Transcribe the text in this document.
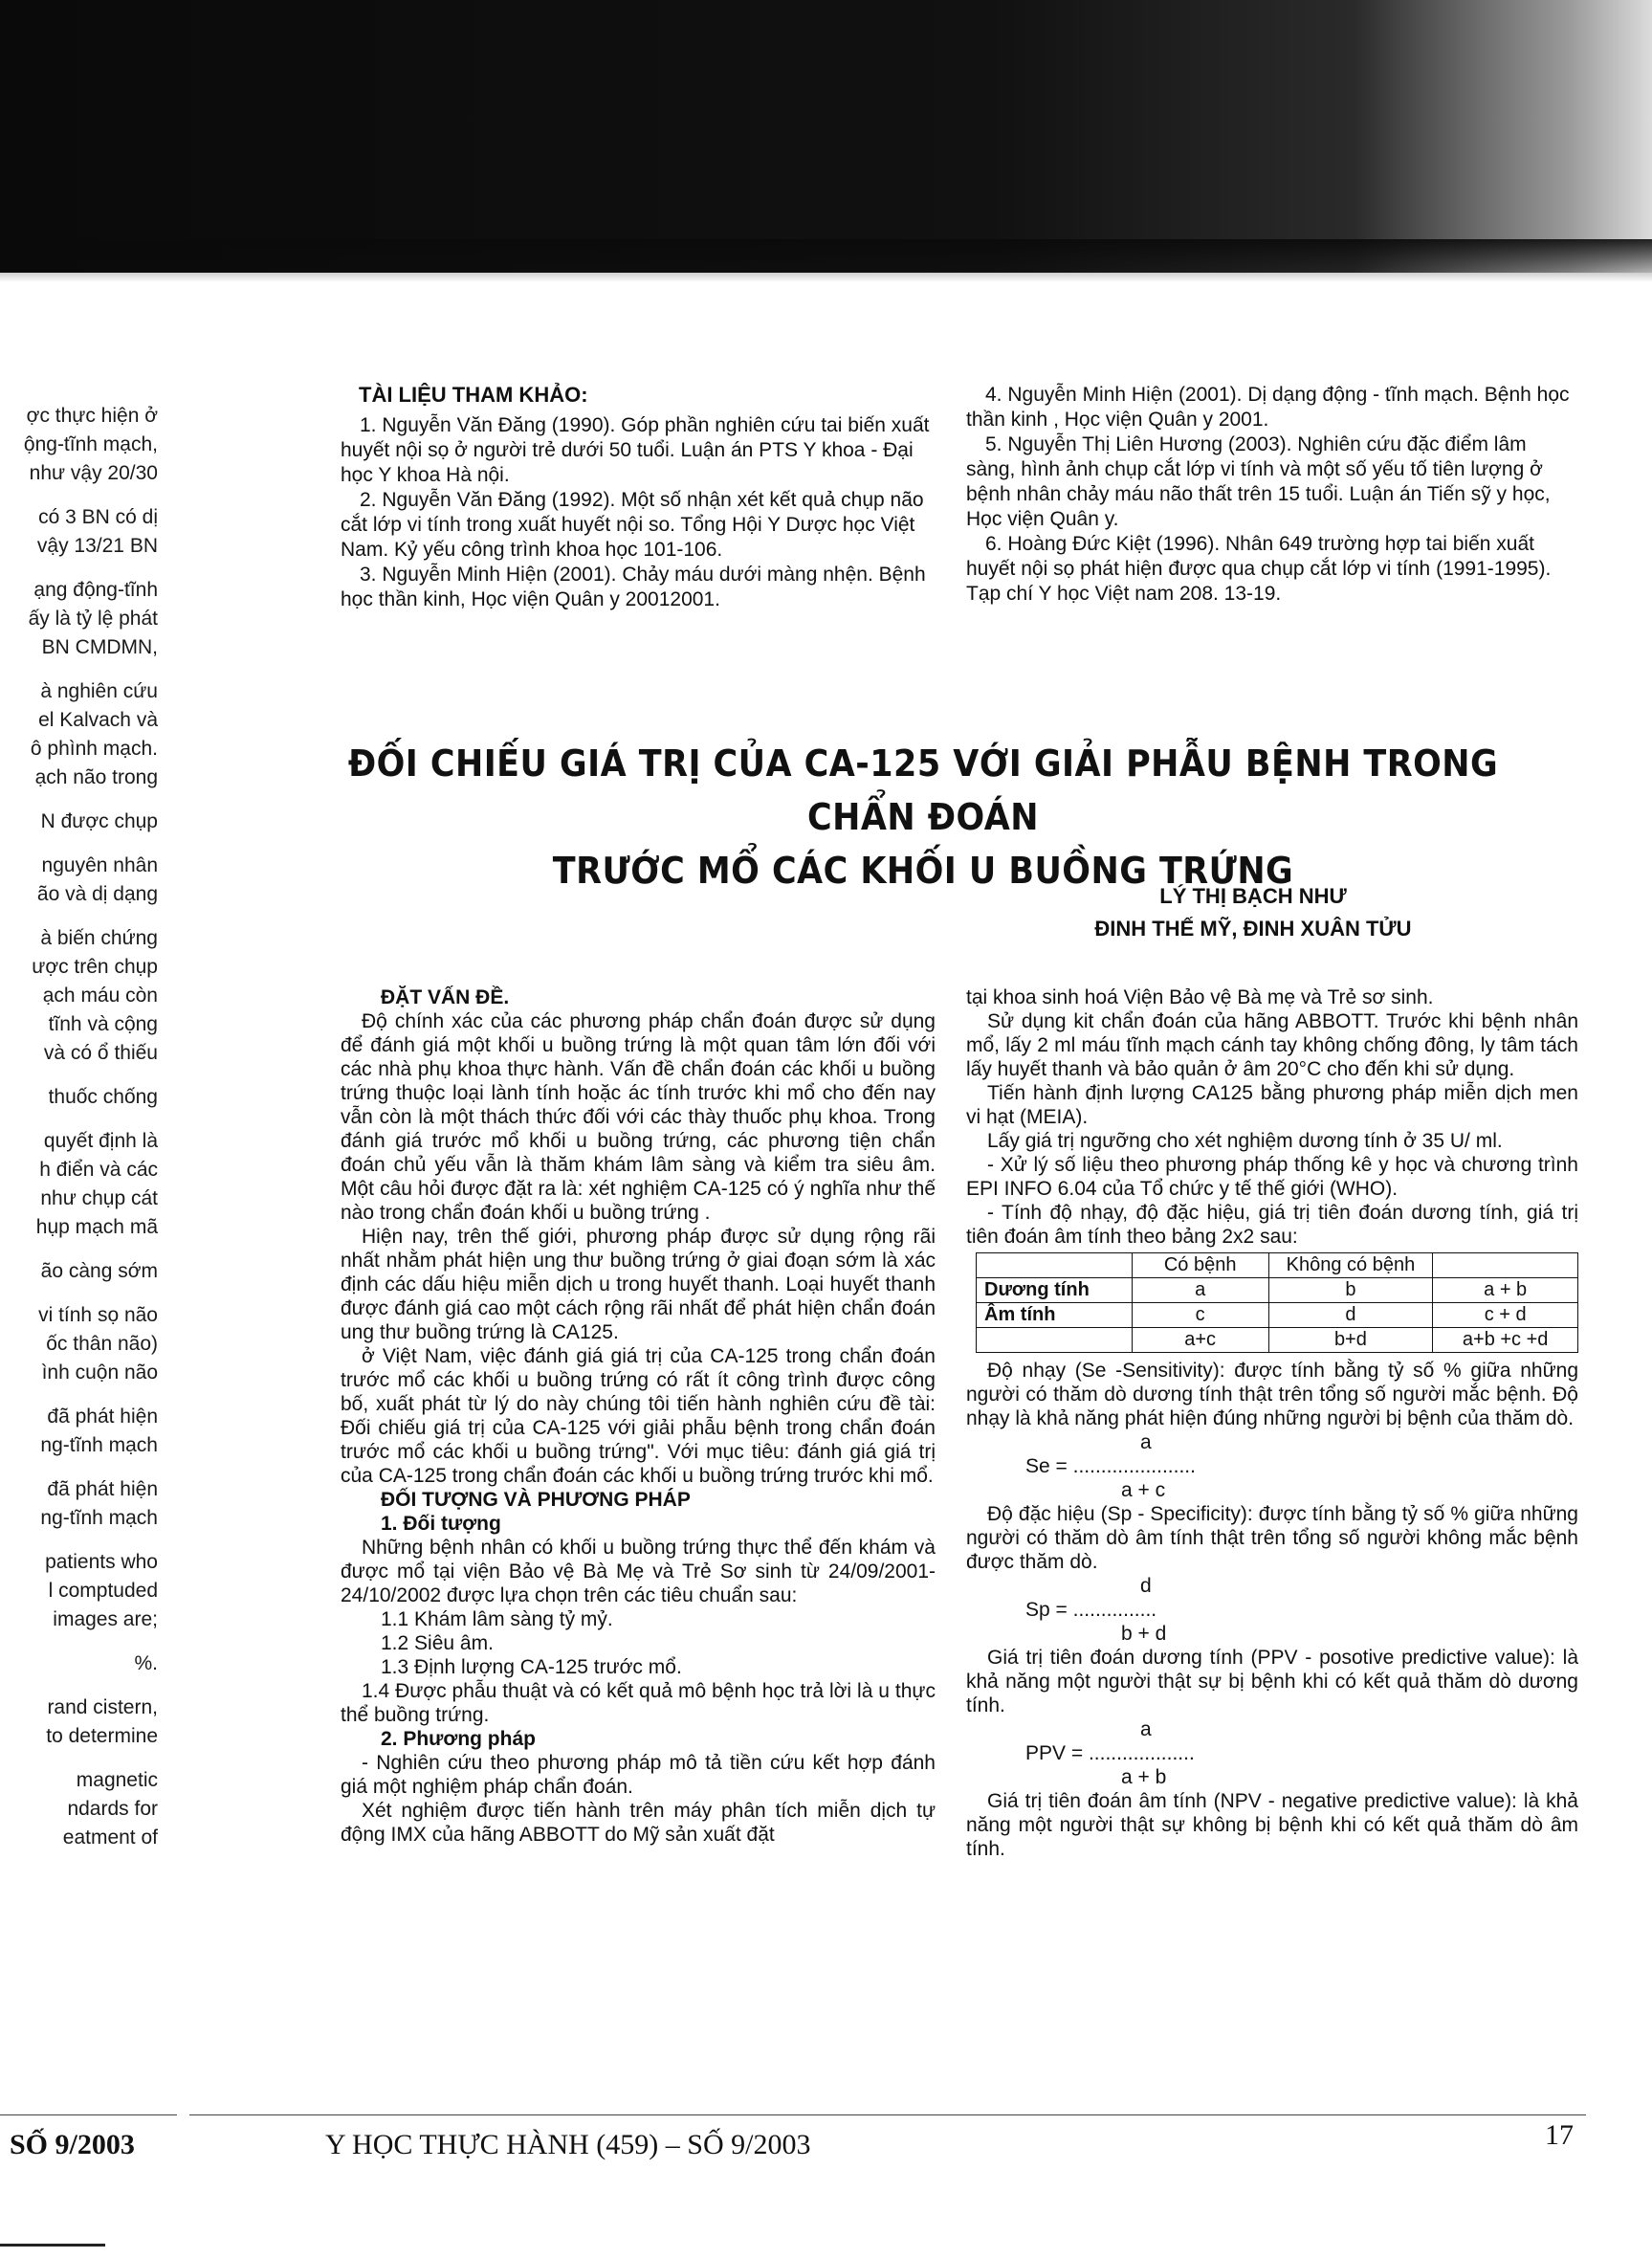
ợc thực hiện ở
ộng-tĩnh mạch,
như vậy 20/30
có 3 BN có dị
vậy 13/21 BN
ạng động-tĩnh
ấy là tỷ lệ phát
BN CMDMN,
à nghiên cứu
el Kalvach và
ô phình mạch.
ạch não trong
N được chụp
nguyên nhân
ão và dị dạng
à biến chứng
ược trên chụp
ạch máu còn
tĩnh và cộng
và có ổ thiếu
thuốc chống
quyết định là
h điển và các
như chụp cát
hụp mạch mã
ão càng sớm
vi tính sọ não
ốc thân não)
ình cuộn não
đã phát hiện
ng-tĩnh mạch
đã phát hiện
ng-tĩnh mạch
patients who
l comptuded
images are;
%.
rand cistern,
to determine
magnetic
ndards for
eatment of
TÀI LIỆU THAM KHẢO:

1. Nguyễn Văn Đăng (1990). Góp phần nghiên cứu tai biến xuất huyết nội sọ ở người trẻ dưới 50 tuổi. Luận án PTS Y khoa - Đại học Y khoa Hà nội.

2. Nguyễn Văn Đăng (1992). Một số nhận xét kết quả chụp não cắt lớp vi tính trong xuất huyết nội so. Tổng Hội Y Dược học Việt Nam. Kỷ yếu công trình khoa học 101-106.

3. Nguyễn Minh Hiện (2001). Chảy máu dưới màng nhện. Bệnh học thần kinh, Học viện Quân y 20012001.

4. Nguyễn Minh Hiện (2001). Dị dạng động - tĩnh mạch. Bệnh học thần kinh , Học viện Quân y 2001.

5. Nguyễn Thị Liên Hương (2003). Nghiên cứu đặc điểm lâm sàng, hình ảnh chụp cắt lớp vi tính và một số yếu tố tiên lượng ở bệnh nhân chảy máu não thất trên 15 tuổi. Luận án Tiến sỹ y học, Học viện Quân y.

6. Hoàng Đức Kiệt (1996). Nhân 649 trường hợp tai biến xuất huyết nội sọ phát hiện được qua chụp cắt lớp vi tính (1991-1995). Tạp chí Y học Việt nam 208. 13-19.

ĐỐI CHIẾU GIÁ TRỊ CỦA CA-125 VỚI GIẢI PHẪU BỆNH TRONG CHẨN ĐOÁN
TRƯỚC MỔ CÁC KHỐI U BUỒNG TRỨNG
LÝ THỊ BẠCH NHƯ
ĐINH THẾ MỸ, ĐINH XUÂN TỬU

ĐẶT VẤN ĐỀ.

Độ chính xác của các phương pháp chẩn đoán được sử dụng để đánh giá một khối u buồng trứng là một quan tâm lớn đối với các nhà phụ khoa thực hành. Vấn đề chẩn đoán các khối u buồng trứng thuộc loại lành tính hoặc ác tính trước khi mổ cho đến nay vẫn còn là một thách thức đối với các thày thuốc phụ khoa. Trong đánh giá trước mổ khối u buồng trứng, các phương tiện chẩn đoán chủ yếu vẫn là thăm khám lâm sàng và kiểm tra siêu âm. Một câu hỏi được đặt ra là: xét nghiệm CA-125 có ý nghĩa như thế nào trong chẩn đoán khối u buồng trứng .

Hiện nay, trên thế giới, phương pháp được sử dụng rộng rãi nhất nhằm phát hiện ung thư buồng trứng ở giai đoạn sớm là xác định các dấu hiệu miễn dịch u trong huyết thanh. Loại huyết thanh được đánh giá cao một cách rộng rãi nhất để phát hiện chẩn đoán ung thư buồng trứng là CA125.

ở Việt Nam, việc đánh giá giá trị của CA-125 trong chẩn đoán trước mổ các khối u buồng trứng có rất ít công trình được công bố, xuất phát từ lý do này chúng tôi tiến hành nghiên cứu đề tài: Đối chiếu giá trị của CA-125 với giải phẫu bệnh trong chẩn đoán trước mổ các khối u buồng trứng". Với mục tiêu: đánh giá giá trị của CA-125 trong chẩn đoán các khối u buồng trứng trước khi mổ.

ĐỐI TƯỢNG VÀ PHƯƠNG PHÁP

1. Đối tượng

Những bệnh nhân có khối u buồng trứng thực thể đến khám và được mổ tại viện Bảo vệ Bà Mẹ và Trẻ Sơ sinh từ 24/09/2001-24/10/2002 được lựa chọn trên các tiêu chuẩn sau:

1.1 Khám lâm sàng tỷ mỷ.

1.2 Siêu âm.

1.3 Định lượng CA-125 trước mổ.

1.4 Được phẫu thuật và có kết quả mô bệnh học trả lời là u thực thể buồng trứng.

2. Phương pháp

- Nghiên cứu theo phương pháp mô tả tiền cứu kết hợp đánh giá một nghiệm pháp chẩn đoán.

Xét nghiệm được tiến hành trên máy phân tích miễn dịch tự động IMX của hãng ABBOTT do Mỹ sản xuất đặt

tại khoa sinh hoá Viện Bảo vệ Bà mẹ và Trẻ sơ sinh.

Sử dụng kit chẩn đoán của hãng ABBOTT. Trước khi bệnh nhân mổ, lấy 2 ml máu tĩnh mạch cánh tay không chống đông, ly tâm tách lấy huyết thanh và bảo quản ở âm 20°C cho đến khi sử dụng.

Tiến hành định lượng CA125 bằng phương pháp miễn dịch men vi hạt (MEIA).

Lấy giá trị ngưỡng cho xét nghiệm dương tính ở 35 U/ ml.

- Xử lý số liệu theo phương pháp thống kê y học và chương trình EPI INFO 6.04 của Tổ chức y tế thế giới (WHO).

- Tính độ nhạy, độ đặc hiệu, giá trị tiên đoán dương tính, giá trị tiên đoán âm tính theo bảng 2x2 sau:

	Có bệnh	Không có bệnh	
Dương tính	a	b	a + b
Âm tính	c	d	c + d
	a+c	b+d	a+b +c +d

Độ nhạy (Se -Sensitivity): được tính bằng tỷ số % giữa những người có thăm dò dương tính thật trên tổng số người mắc bệnh. Độ nhạy là khả năng phát hiện đúng những người bị bệnh của thăm dò.

a

Se = ......................

a + c

Độ đặc hiệu (Sp - Specificity): được tính bằng tỷ số % giữa những người có thăm dò âm tính thật trên tổng số người không mắc bệnh được thăm dò.

d

Sp = ...............

b + d

Giá trị tiên đoán dương tính (PPV - posotive predictive value): là khả năng một người thật sự bị bệnh khi có kết quả thăm dò dương tính.

a

PPV = ...................

a + b

Giá trị tiên đoán âm tính (NPV - negative predictive value): là khả năng một người thật sự không bị bệnh khi có kết quả thăm dò âm tính.

SỐ 9/2003	Y HỌC THỰC HÀNH (459) – SỐ 9/2003	17
